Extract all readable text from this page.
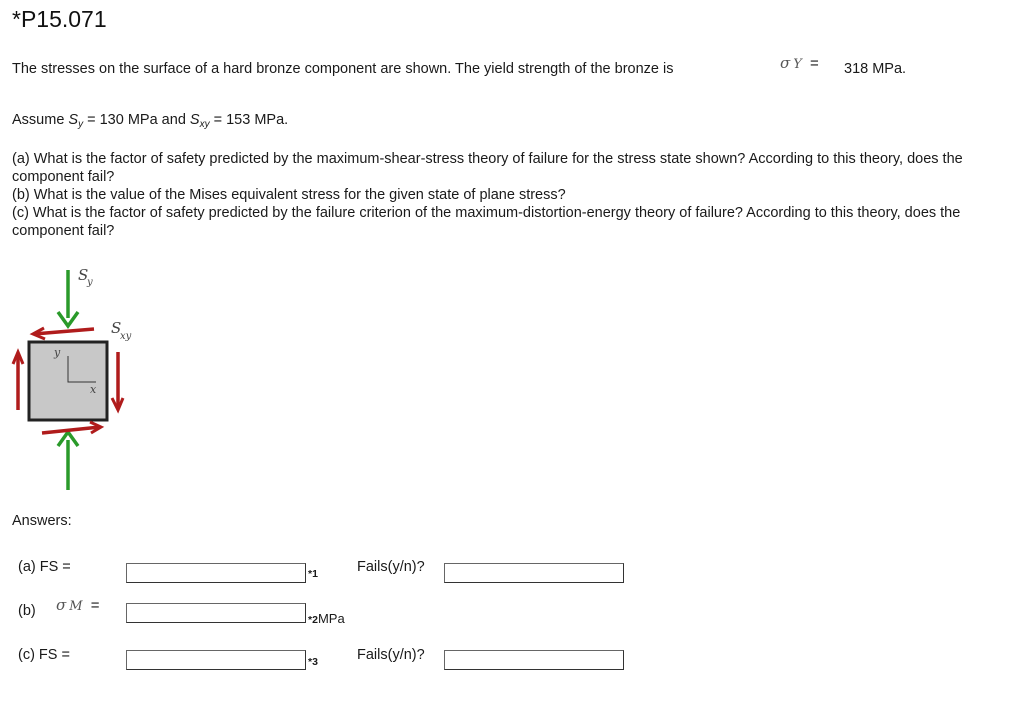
*P15.071
The stresses on the surface of a hard bronze component are shown. The yield strength of the bronze is	σ Y = 318 MPa.
Assume $S_y = 130$ MPa and $S_{xy} = 153$ MPa.
(a) What is the factor of safety predicted by the maximum-shear-stress theory of failure for the stress state shown? According to this theory, does the component fail?
(b) What is the value of the Mises equivalent stress for the given state of plane stress?
(c) What is the factor of safety predicted by the failure criterion of the maximum-distortion-energy theory of failure? According to this theory, does the component fail?
S
y
S
xy
y
x
Answers:
(a) FS =	*1	Fails(y/n)?
(b) σ M =
*2MPa
(c) FS =	*3	Fails(y/n)?
